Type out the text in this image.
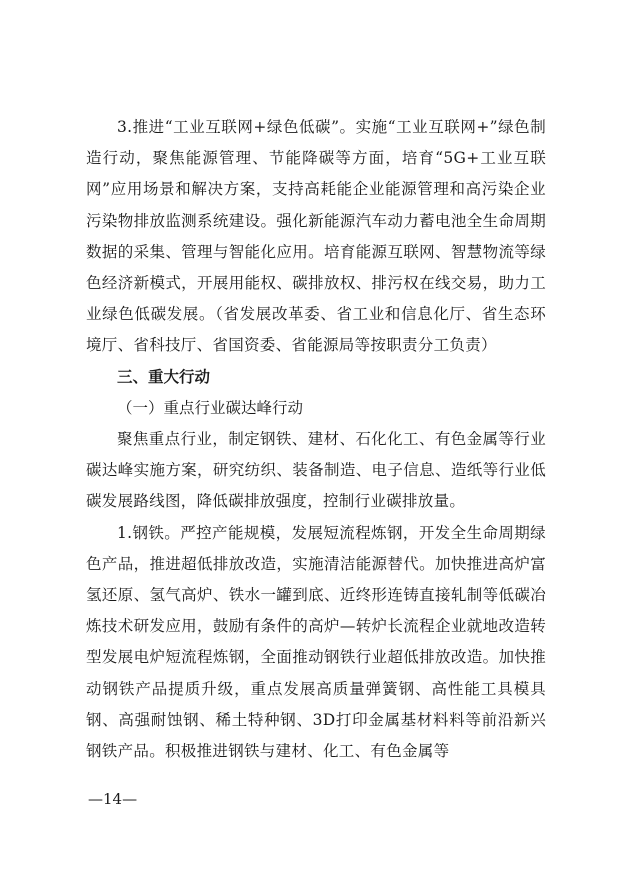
3.推进“工业互联网+绿色低碳”。实施“工业互联网+”绿色制造行动，聚焦能源管理、节能降碳等方面，培育“5G+工业互联网”应用场景和解决方案，支持高耗能企业能源管理和高污染企业污染物排放监测系统建设。强化新能源汽车动力蓄电池全生命周期数据的采集、管理与智能化应用。培育能源互联网、智慧物流等绿色经济新模式，开展用能权、碳排放权、排污权在线交易，助力工业绿色低碳发展。（省发展改革委、省工业和信息化厅、省生态环境厅、省科技厅、省国资委、省能源局等按职责分工负责）

三、重大行动

（一）重点行业碳达峰行动

聚焦重点行业，制定钢铁、建材、石化化工、有色金属等行业碳达峰实施方案，研究纺织、装备制造、电子信息、造纸等行业低碳发展路线图，降低碳排放强度，控制行业碳排放量。

1.钢铁。严控产能规模，发展短流程炼钢，开发全生命周期绿色产品，推进超低排放改造，实施清洁能源替代。加快推进高炉富氢还原、氢气高炉、铁水一罐到底、近终形连铸直接轧制等低碳冶炼技术研发应用，鼓励有条件的高炉—转炉长流程企业就地改造转型发展电炉短流程炼钢，全面推动钢铁行业超低排放改造。加快推动钢铁产品提质升级，重点发展高质量弹簧钢、高性能工具模具钢、高强耐蚀钢、稀土特种钢、3D打印金属基材料料等前沿新兴钢铁产品。积极推进钢铁与建材、化工、有色金属等

—14—
